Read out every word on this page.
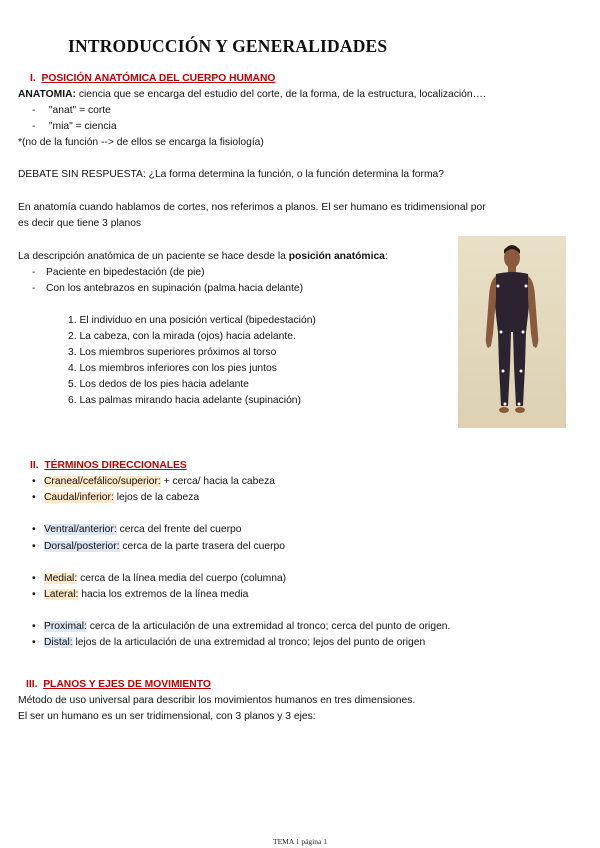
INTRODUCCIÓN Y GENERALIDADES
I. POSICIÓN ANATÓMICA DEL CUERPO HUMANO
ANATOMIA: ciencia que se encarga del estudio del corte, de la forma, de la estructura, localización….
- "anat" = corte
- "mia" = ciencia
*(no de la función --> de ellos se encarga la fisiología)
DEBATE SIN RESPUESTA: ¿La forma determina la función, o la función determina la forma?
En anatomía cuando hablamos de cortes, nos referimos a planos. El ser humano es tridimensional por
es decir que tiene 3 planos
La descripción anatómica de un paciente se hace desde la posición anatómica:
- Paciente en bipedestación (de pie)
- Con los antebrazos en supinación (palma hacia delante)
1. El individuo en una posición vertical (bipedestación)
2. La cabeza, con la mirada (ojos) hacia adelante.
3. Los miembros superiores próximos al torso
4. Los miembros inferiores con los pies juntos
5. Los dedos de los pies hacia adelante
6. Las palmas mirando hacia adelante (supinación)
II. TÉRMINOS DIRECCIONALES
• Craneal/cefálico/superior: + cerca/ hacia la cabeza
• Caudal/inferior: lejos de la cabeza
• Ventral/anterior: cerca del frente del cuerpo
• Dorsal/posterior: cerca de la parte trasera del cuerpo
• Medial: cerca de la línea media del cuerpo (columna)
• Lateral: hacia los extremos de la línea media
• Proximal: cerca de la articulación de una extremidad al tronco; cerca del punto de origen.
• Distal: lejos de la articulación de una extremidad al tronco; lejos del punto de origen
III. PLANOS Y EJES DE MOVIMIENTO
Método de uso universal para describir los movimientos humanos en tres dimensiones.
El ser un humano es un ser tridimensional, con 3 planos y 3 ejes:
TEMA 1 página 1
